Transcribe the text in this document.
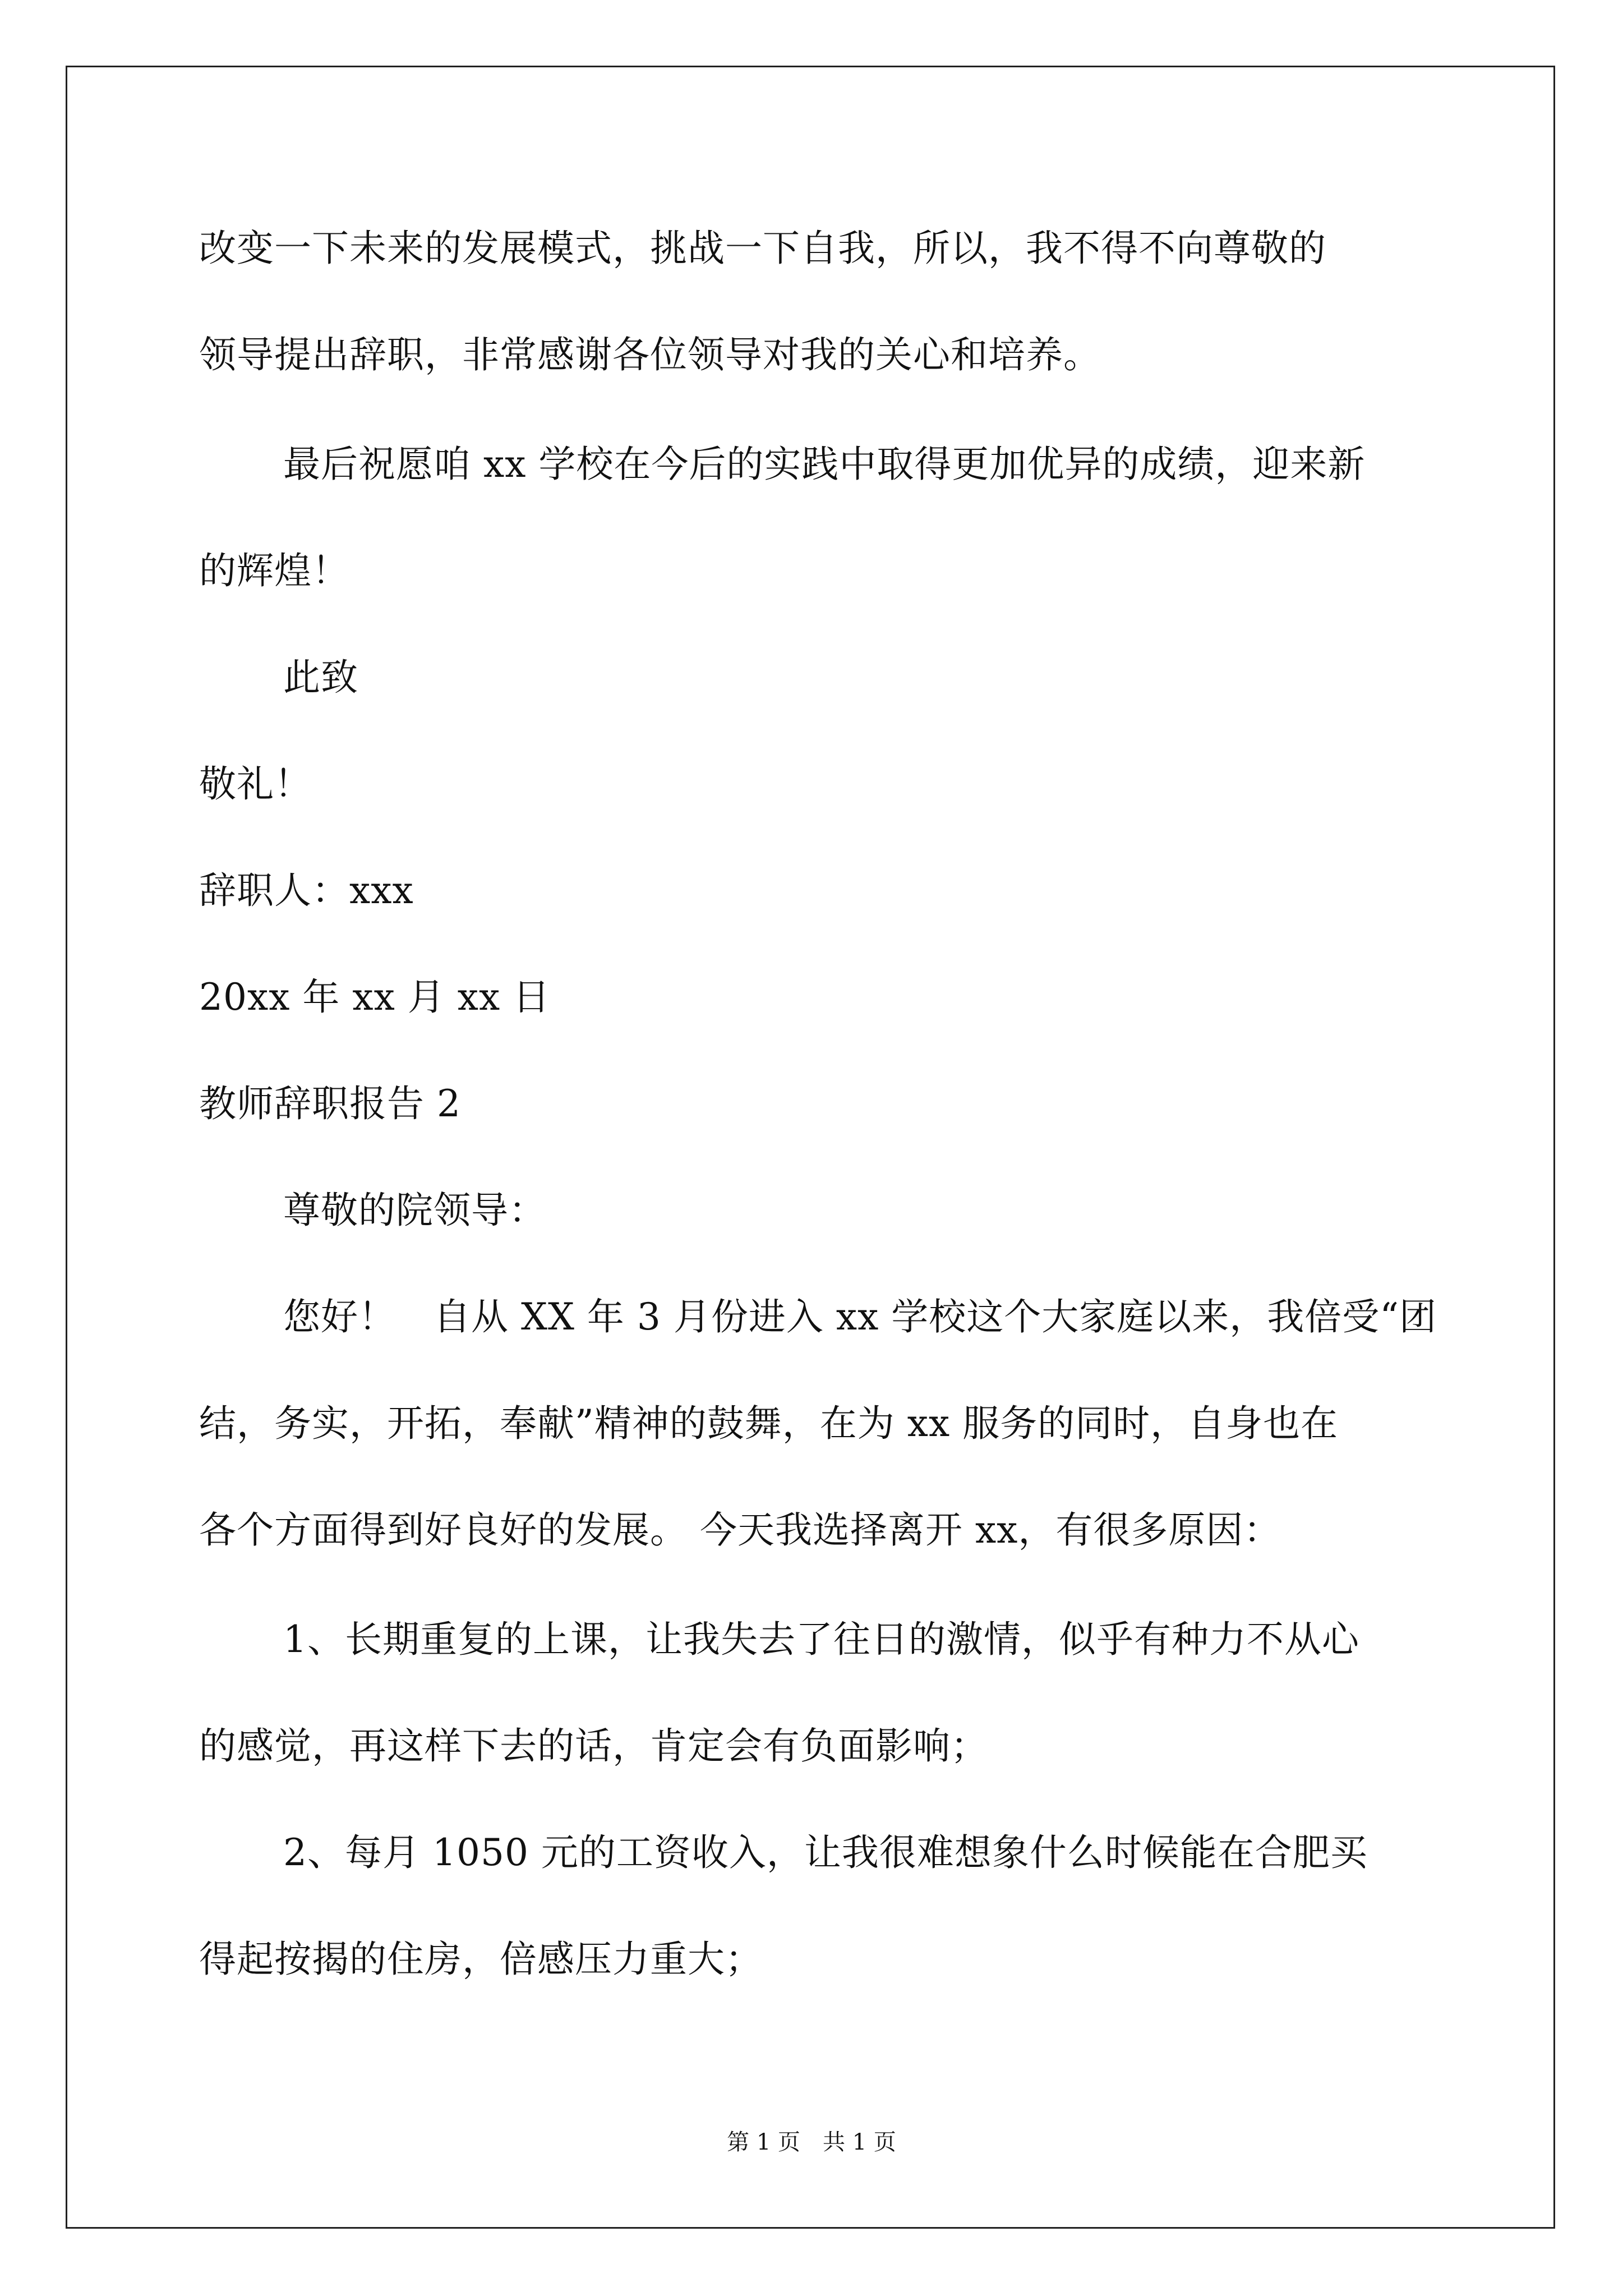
改变一下未来的发展模式，挑战一下自我，所以，我不得不向尊敬的
领导提出辞职，非常感谢各位领导对我的关心和培养。
最后祝愿咱 xx 学校在今后的实践中取得更加优异的成绩，迎来新
的辉煌！
此致
敬礼！
辞职人：xxx
20xx 年 xx 月 xx 日
教师辞职报告 2
尊敬的院领导：
您好！　自从 XX 年 3 月份进入 xx 学校这个大家庭以来，我倍受“团
结，务实，开拓，奉献”精神的鼓舞，在为 xx 服务的同时，自身也在
各个方面得到好良好的发展。 今天我选择离开 xx，有很多原因：
1、长期重复的上课，让我失去了往日的激情，似乎有种力不从心
的感觉，再这样下去的话，肯定会有负面影响；
2、每月 1050 元的工资收入，让我很难想象什么时候能在合肥买
得起按揭的住房，倍感压力重大；
第 1 页　共 1 页
